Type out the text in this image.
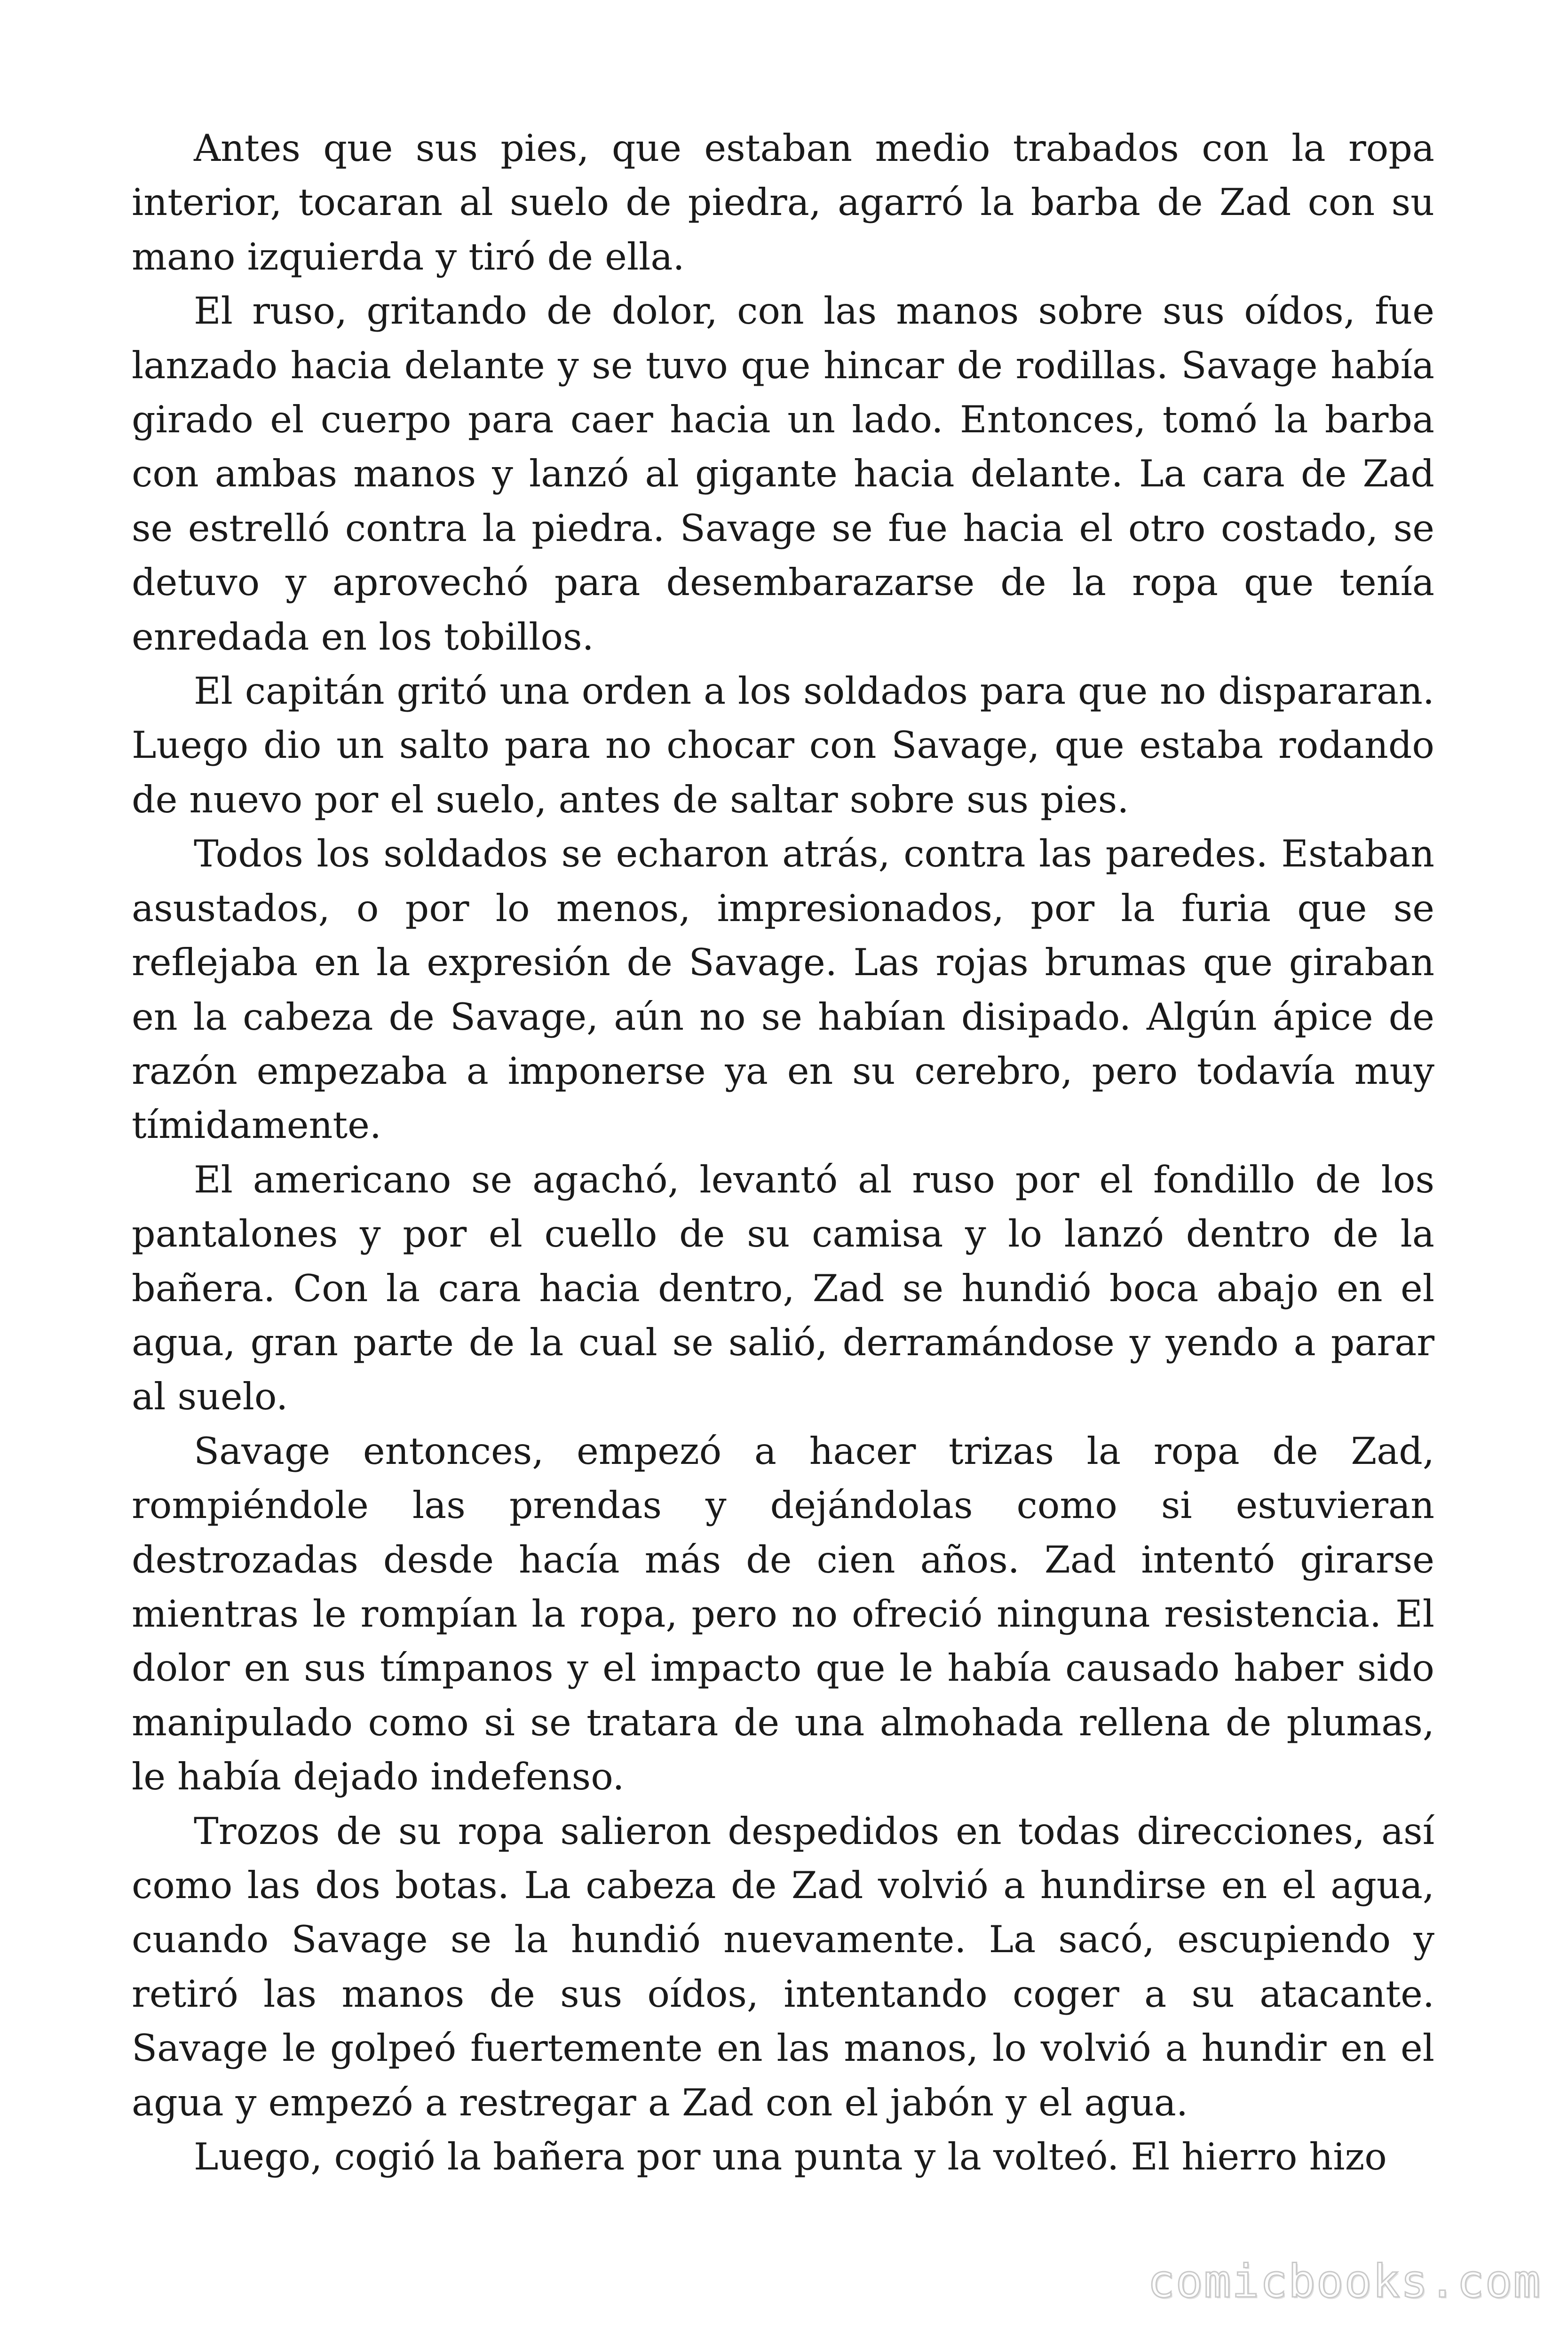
Antes que sus pies, que estaban medio trabados con la ropa interior, tocaran al suelo de piedra, agarró la barba de Zad con su mano izquierda y tiró de ella.

El ruso, gritando de dolor, con las manos sobre sus oídos, fue lanzado hacia delante y se tuvo que hincar de rodillas. Savage había girado el cuerpo para caer hacia un lado. Entonces, tomó la barba con ambas manos y lanzó al gigante hacia delante. La cara de Zad se estrelló contra la piedra. Savage se fue hacia el otro costado, se detuvo y aprovechó para desembarazarse de la ropa que tenía enredada en los tobillos.

El capitán gritó una orden a los soldados para que no dispararan. Luego dio un salto para no chocar con Savage, que estaba rodando de nuevo por el suelo, antes de saltar sobre sus pies.

Todos los soldados se echaron atrás, contra las paredes. Estaban asustados, o por lo menos, impresionados, por la furia que se reflejaba en la expresión de Savage. Las rojas brumas que giraban en la cabeza de Savage, aún no se habían disipado. Algún ápice de razón empezaba a imponerse ya en su cerebro, pero todavía muy tímidamente.

El americano se agachó, levantó al ruso por el fondillo de los pantalones y por el cuello de su camisa y lo lanzó dentro de la bañera. Con la cara hacia dentro, Zad se hundió boca abajo en el agua, gran parte de la cual se salió, derramándose y yendo a parar al suelo.

Savage entonces, empezó a hacer trizas la ropa de Zad, rompiéndole las prendas y dejándolas como si estuvieran destrozadas desde hacía más de cien años. Zad intentó girarse mientras le rompían la ropa, pero no ofreció ninguna resistencia. El dolor en sus tímpanos y el impacto que le había causado haber sido manipulado como si se tratara de una almohada rellena de plumas, le había dejado indefenso.

Trozos de su ropa salieron despedidos en todas direcciones, así como las dos botas. La cabeza de Zad volvió a hundirse en el agua, cuando Savage se la hundió nuevamente. La sacó, escupiendo y retiró las manos de sus oídos, intentando coger a su atacante. Savage le golpeó fuertemente en las manos, lo volvió a hundir en el agua y empezó a restregar a Zad con el jabón y el agua.

Luego, cogió la bañera por una punta y la volteó. El hierro hizo

comicbooks.com
